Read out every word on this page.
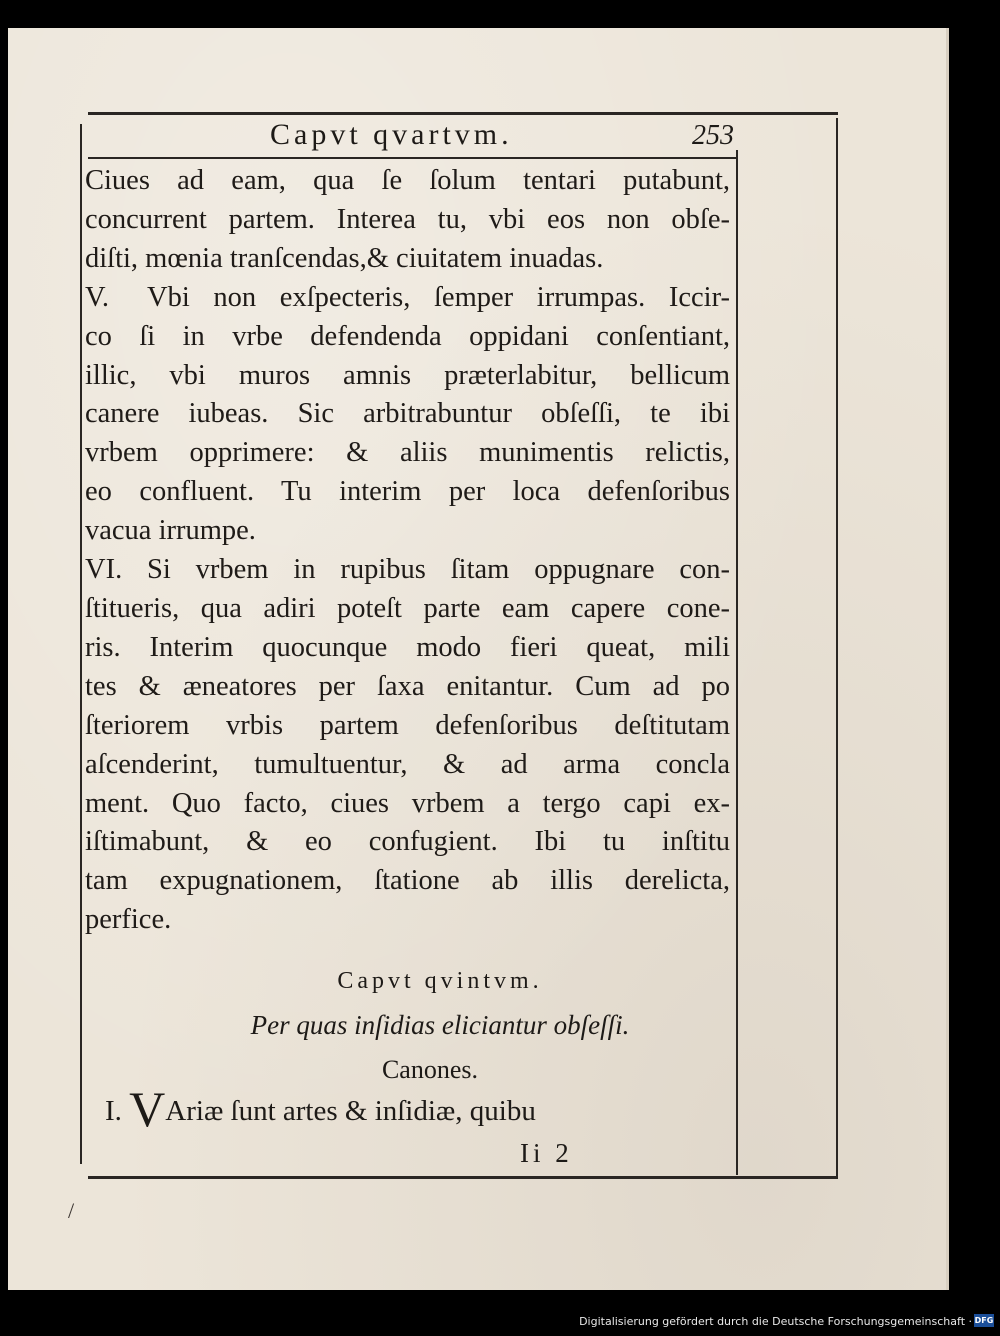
Capvt qvartvm.	253
Ciues ad eam, qua ſe ſolum tentari putabunt,
concurrent partem. Interea tu, vbi eos non obſe-
diſti, mœnia tranſcendas,& ciuitatem inuadas.
V. Vbi non exſpecteris, ſemper irrumpas. Iccir-
co ſi in vrbe defendenda oppidani conſentiant,
illic, vbi muros amnis præterlabitur, bellicum
canere iubeas. Sic arbitrabuntur obſeſſi, te ibi
vrbem opprimere: & aliis munimentis relictis,
eo confluent. Tu interim per loca defenſoribus
vacua irrumpe.
VI. Si vrbem in rupibus ſitam oppugnare con-
ſtitueris, qua adiri poteſt parte eam capere cone-
ris. Interim quocunque modo fieri queat, mili
tes & æneatores per ſaxa enitantur. Cum ad po
ſteriorem vrbis partem defenſoribus deſtitutam
aſcenderint, tumultuentur, & ad arma concla
ment. Quo facto, ciues vrbem a tergo capi ex-
iſtimabunt, & eo confugient. Ibi tu inſtitu
tam expugnationem, ſtatione ab illis derelicta,
perfice.
Capvt qvintvm.
Per quas inſidias eliciantur obſeſſi.
Canones.
I. VAriæ ſunt artes & inſidiæ, quibu
Ii 2
/
Digitalisierung gefördert durch die Deutsche Forschungsgemeinschaft · DFG
